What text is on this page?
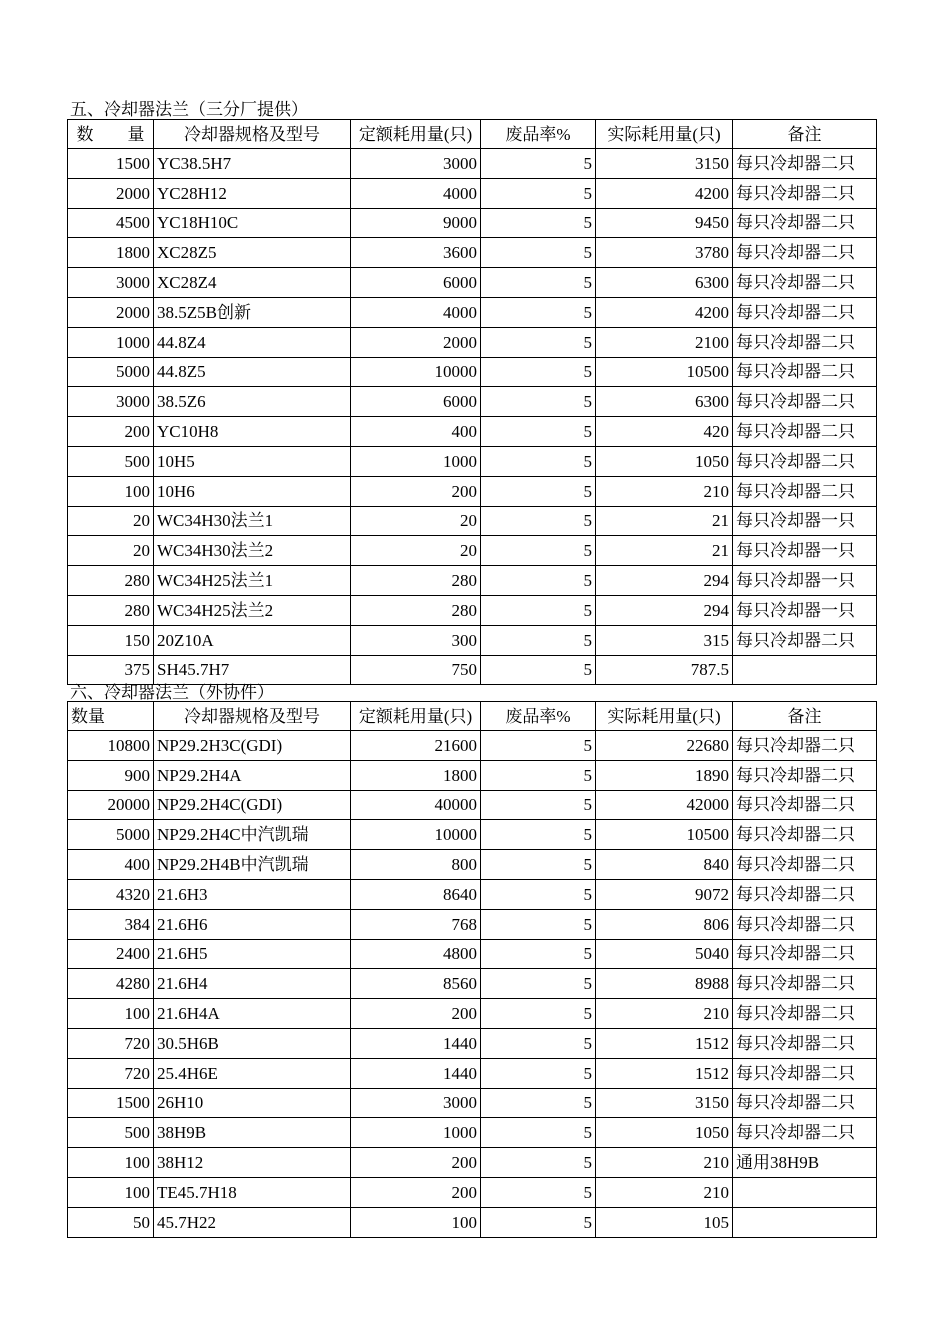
五、冷却器法兰（三分厂提供）
数　　量	冷却器规格及型号	定额耗用量(只)	废品率%	实际耗用量(只)	备注
1500	YC38.5H7	3000	5	3150	每只冷却器二只
2000	YC28H12	4000	5	4200	每只冷却器二只
4500	YC18H10C	9000	5	9450	每只冷却器二只
1800	XC28Z5	3600	5	3780	每只冷却器二只
3000	XC28Z4	6000	5	6300	每只冷却器二只
2000	38.5Z5B创新	4000	5	4200	每只冷却器二只
1000	44.8Z4	2000	5	2100	每只冷却器二只
5000	44.8Z5	10000	5	10500	每只冷却器二只
3000	38.5Z6	6000	5	6300	每只冷却器二只
200	YC10H8	400	5	420	每只冷却器二只
500	10H5	1000	5	1050	每只冷却器二只
100	10H6	200	5	210	每只冷却器二只
20	WC34H30法兰1	20	5	21	每只冷却器一只
20	WC34H30法兰2	20	5	21	每只冷却器一只
280	WC34H25法兰1	280	5	294	每只冷却器一只
280	WC34H25法兰2	280	5	294	每只冷却器一只
150	20Z10A	300	5	315	每只冷却器二只
375	SH45.7H7	750	5	787.5	
六、冷却器法兰（外协件）
数量	冷却器规格及型号	定额耗用量(只)	废品率%	实际耗用量(只)	备注
10800	NP29.2H3C(GDI)	21600	5	22680	每只冷却器二只
900	NP29.2H4A	1800	5	1890	每只冷却器二只
20000	NP29.2H4C(GDI)	40000	5	42000	每只冷却器二只
5000	NP29.2H4C中汽凯瑞	10000	5	10500	每只冷却器二只
400	NP29.2H4B中汽凯瑞	800	5	840	每只冷却器二只
4320	21.6H3	8640	5	9072	每只冷却器二只
384	21.6H6	768	5	806	每只冷却器二只
2400	21.6H5	4800	5	5040	每只冷却器二只
4280	21.6H4	8560	5	8988	每只冷却器二只
100	21.6H4A	200	5	210	每只冷却器二只
720	30.5H6B	1440	5	1512	每只冷却器二只
720	25.4H6E	1440	5	1512	每只冷却器二只
1500	26H10	3000	5	3150	每只冷却器二只
500	38H9B	1000	5	1050	每只冷却器二只
100	38H12	200	5	210	通用38H9B
100	TE45.7H18	200	5	210	
50	45.7H22	100	5	105	
